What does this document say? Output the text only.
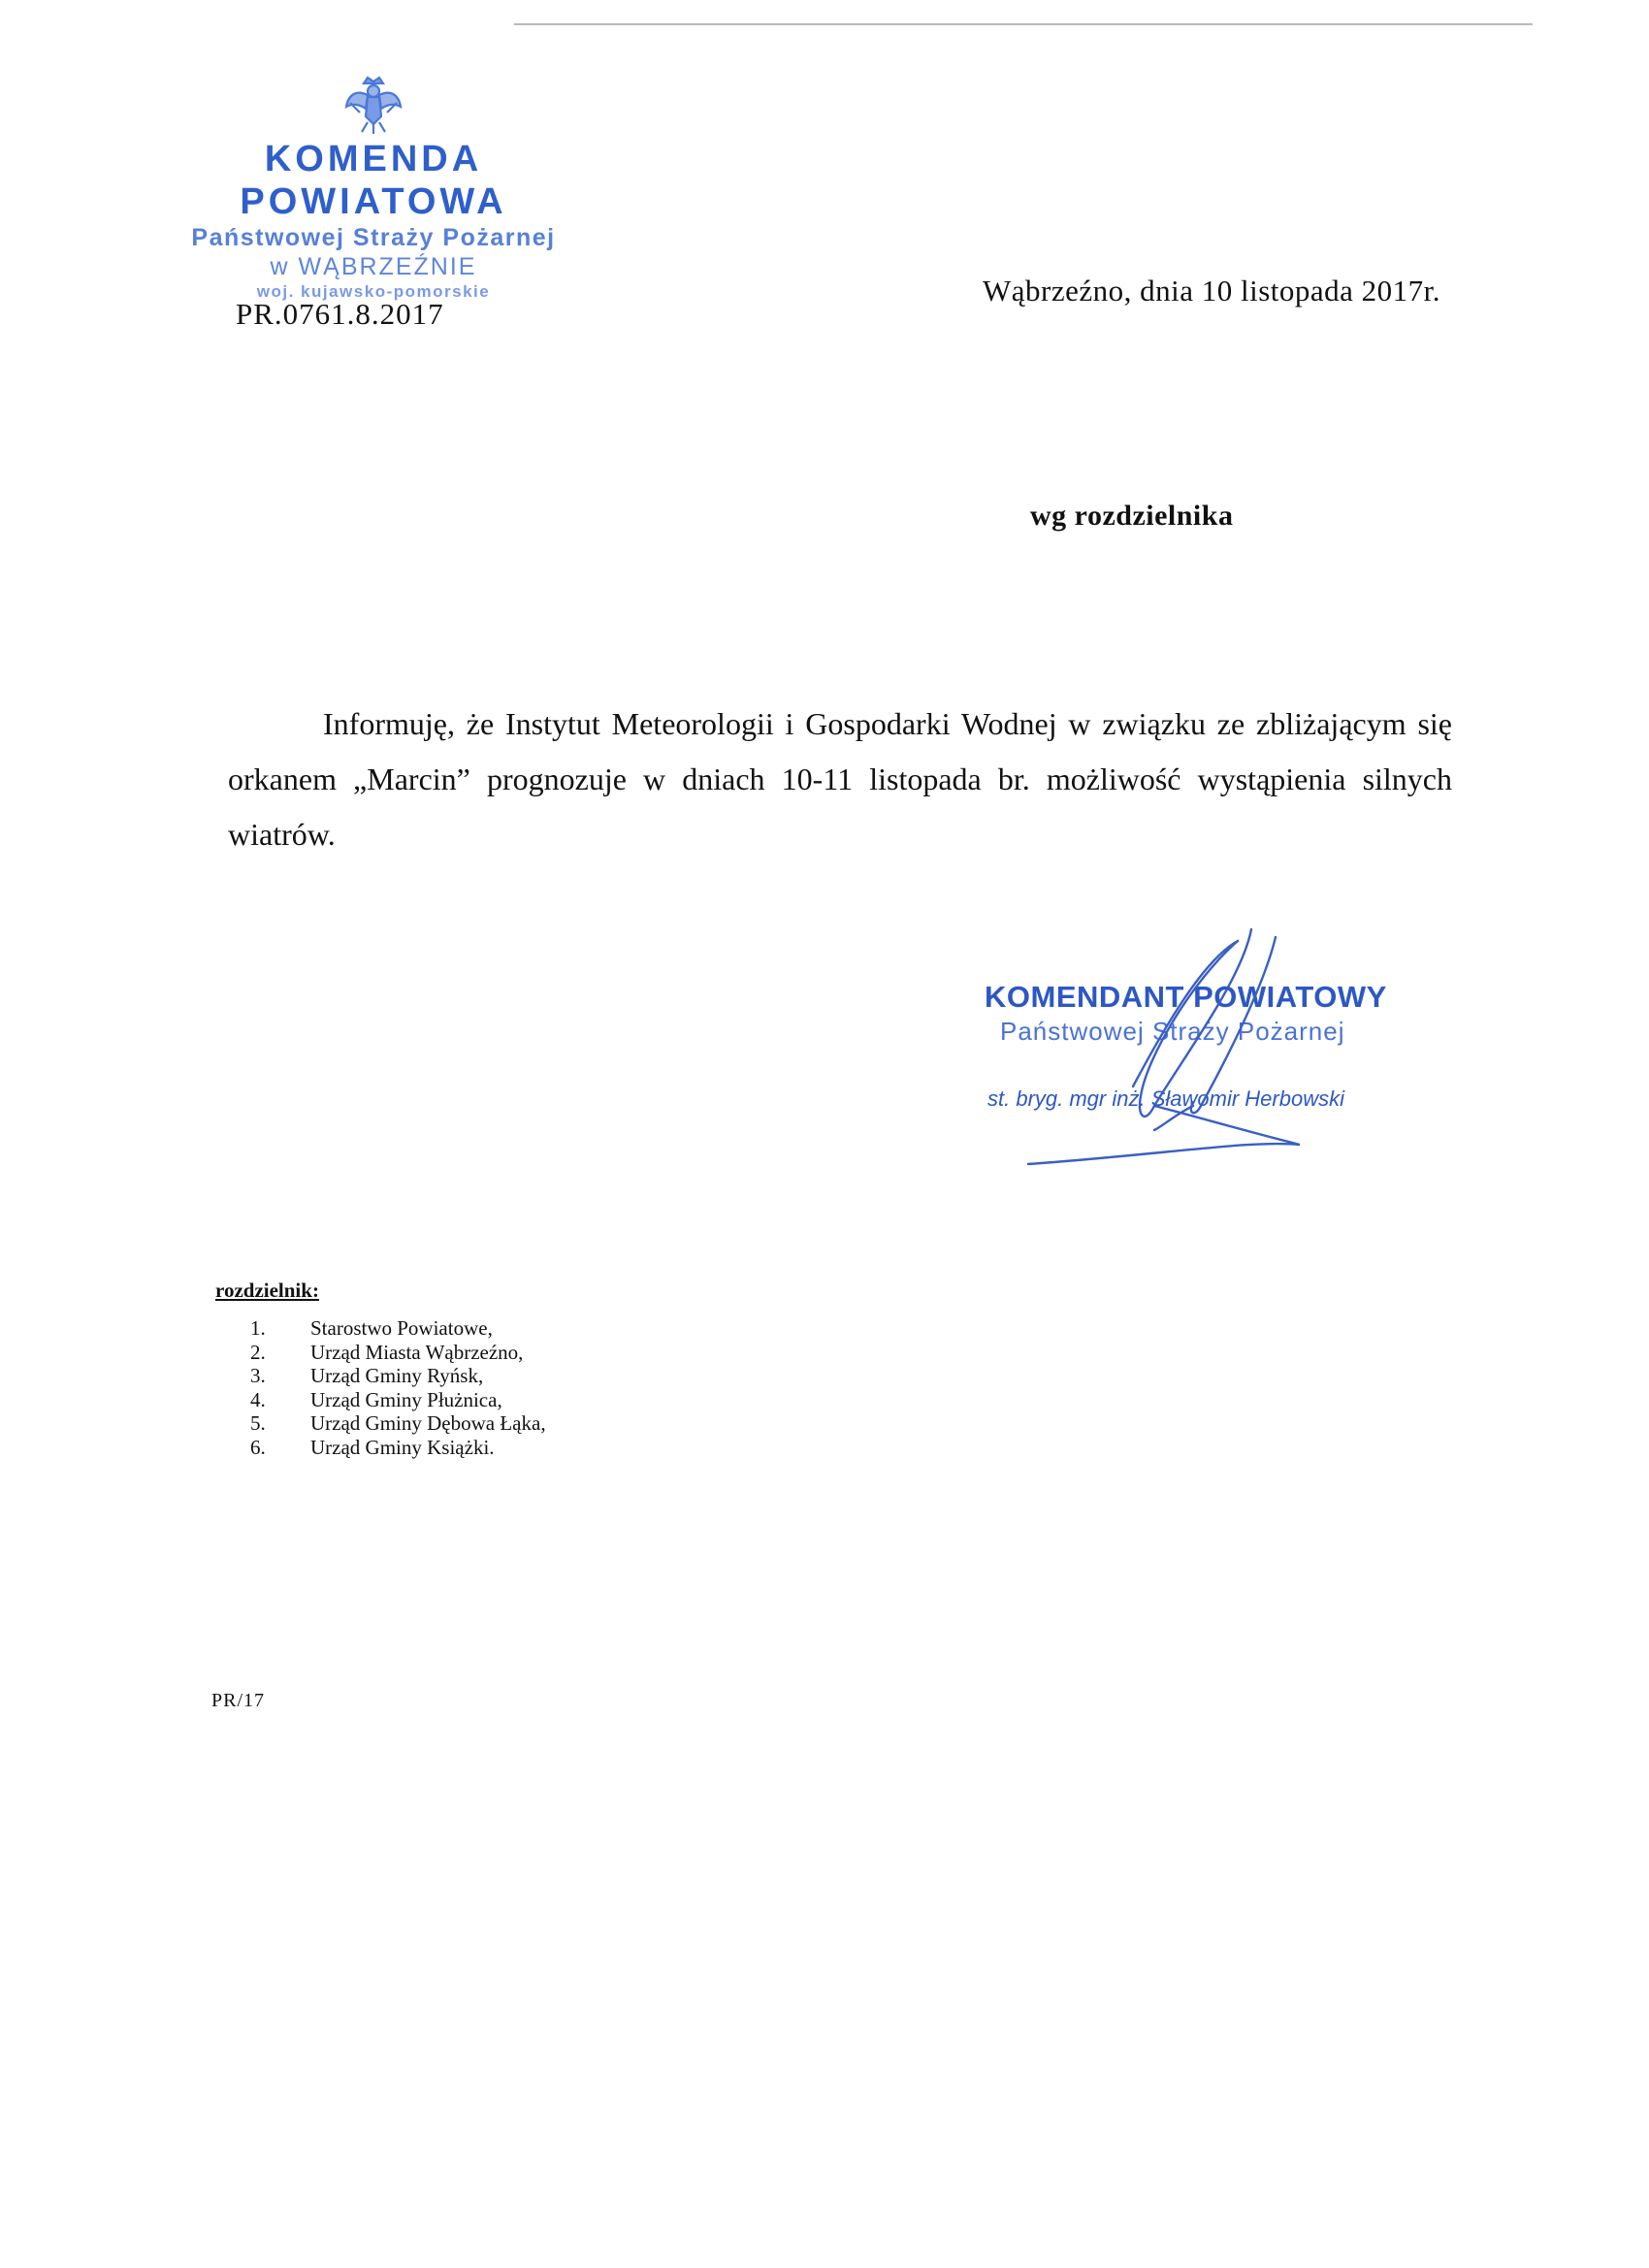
KOMENDA POWIATOWA
Państwowej Straży Pożarnej
w WĄBRZEŹNIE
woj. kujawsko-pomorskie
PR.0761.8.2017
Wąbrzeźno, dnia 10 listopada 2017r.
wg rozdzielnika

Informuję, że Instytut Meteorologii i Gospodarki Wodnej w związku ze zbliżającym się orkanem „Marcin” prognozuje w dniach 10-11 listopada br. możliwość wystąpienia silnych wiatrów.

KOMENDANT POWIATOWY
Państwowej Straży Pożarnej
st. bryg. mgr inż. Sławomir Herbowski
rozdzielnik:
1. Starostwo Powiatowe,
2. Urząd Miasta Wąbrzeźno,
3. Urząd Gminy Ryńsk,
4. Urząd Gminy Płużnica,
5. Urząd Gminy Dębowa Łąka,
6. Urząd Gminy Książki.
PR/17
